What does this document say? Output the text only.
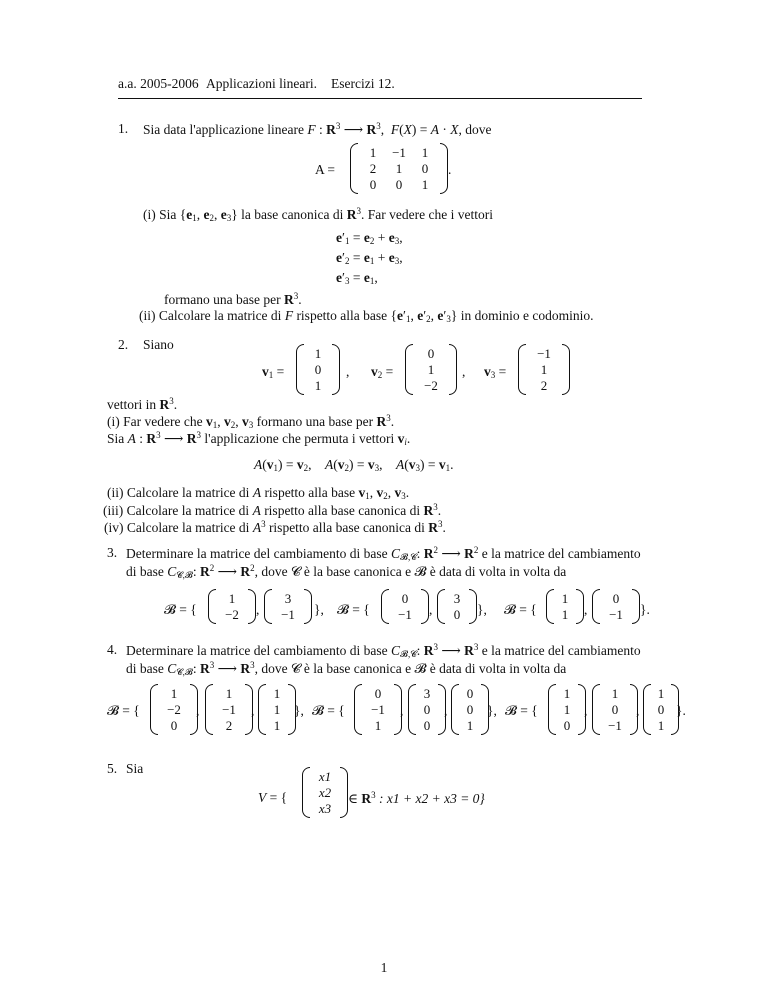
a.a. 2005-2006 Applicazioni lineari. Esercizi 12.
1. Sia data l'applicazione lineare F : $R^3$ ⟶ $R^3$,  F(X) = A · X, dove
A =
1	−1	1
2	1	0
0	0	1
.
(i) Sia {$e_1$, $e_2$, $e_3$} la base canonica di $R^3$. Far vedere che i vettori
$e'_1 = e_2 + e_3$,
$e'_2 = e_1 + e_3$,
$e'_3 = e_1$,
formano una base per $R^3$.
(ii) Calcolare la matrice di F rispetto alla base {$e'_1$, $e'_2$, $e'_3$} in dominio e codominio.
2. Siano
$v_1$ =
1
0
1
, $v_2$ =
0
1
−2
, $v_3$ =
−1
1
2
vettori in $R^3$.
(i) Far vedere che $v_1$, $v_2$, $v_3$ formano una base per $R^3$.
Sia A : $R^3$ ⟶ $R^3$ l'applicazione che permuta i vettori $v_i$.
$A(v_1) = v_2$,    $A(v_2) = v_3$,    $A(v_3) = v_1$.
(ii) Calcolare la matrice di A rispetto alla base $v_1$, $v_2$, $v_3$.
(iii) Calcolare la matrice di A rispetto alla base canonica di $R^3$.
(iv) Calcolare la matrice di $A^3$ rispetto alla base canonica di $R^3$.
3. Determinare la matrice del cambiamento di base $C_{𝓑,𝓒}$: $R^2$ ⟶ $R^2$ e la matrice del cambiamento
di base $C_{𝓒,𝓑}$: $R^2$ ⟶ $R^2$, dove 𝓒 è la base canonica e 𝓑 è data di volta in volta da
𝓑 = {
1
−2	,
3
−1	}, 𝓑 = {
0
−1	,
3
0	}, 𝓑 = {
1
1 ,
0
−1	}.
4. Determinare la matrice del cambiamento di base $C_{𝓑,𝓒}$: $R^3$ ⟶ $R^3$ e la matrice del cambiamento
di base $C_{𝓒,𝓑}$: $R^3$ ⟶ $R^3$, dove 𝓒 è la base canonica e 𝓑 è data di volta in volta da
𝓑 = {
1
−2
0
,
1
−1
2
,
1
1
1
}, 𝓑 = {
0
−1
1
,
3
0
0
,
0
0
1
}, 𝓑 = {
1
1
0
,
1
0
−1
,
1
0
1
}.
5. Sia
V = {
x1
x2
x3
∈ $R^3$ : x1 + x2 + x3 = 0}
1
